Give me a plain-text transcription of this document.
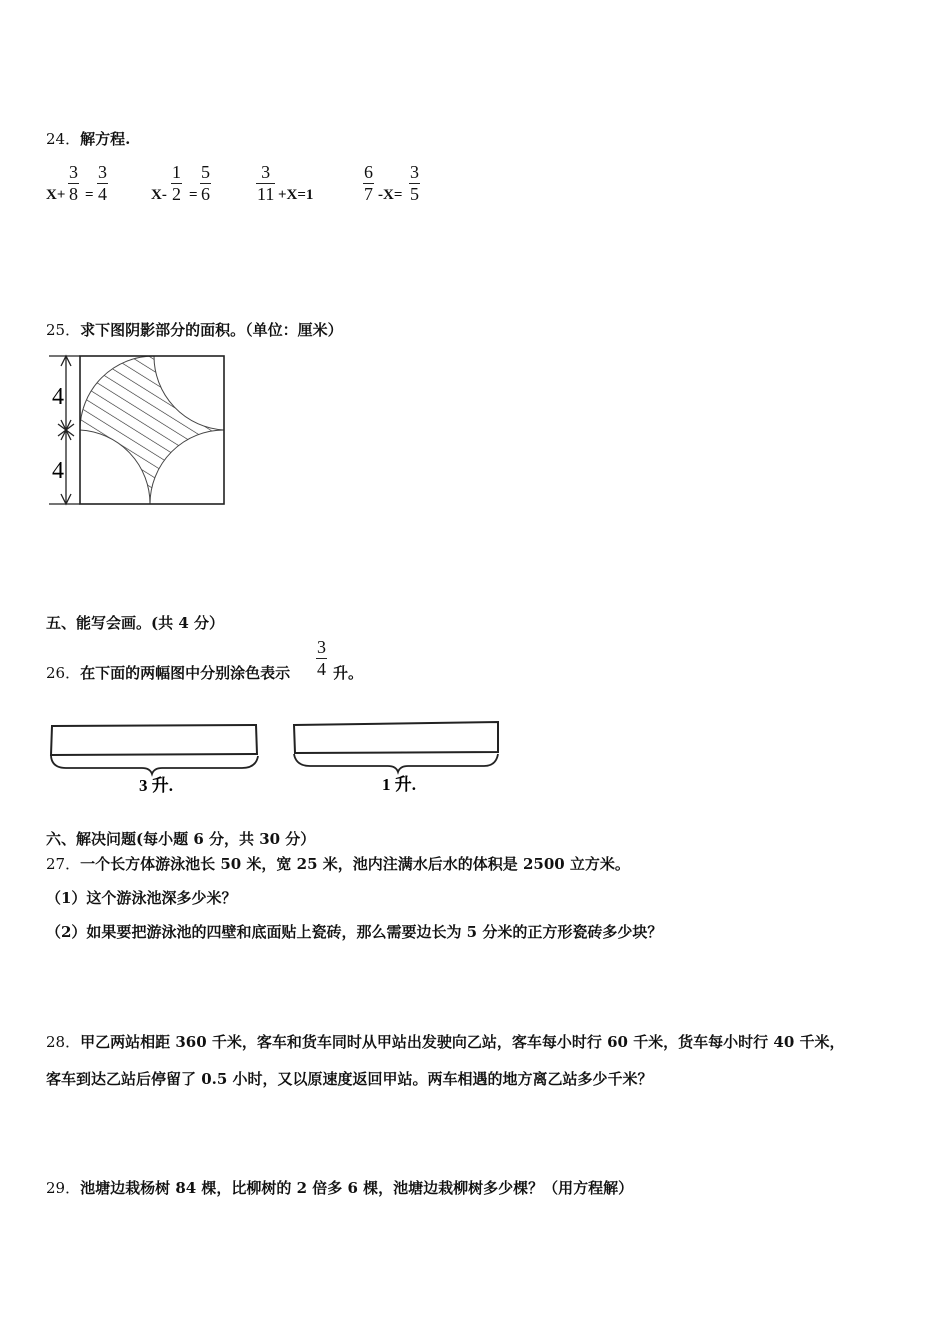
24．解方程.
X+
3
8 =
3
4	X-
1
2 =
5
6
3
11 +X=1
6
7 -X=
3
5
25．求下图阴影部分的面积。（单位：厘米）
4
4
五、能写会画。(共 4 分）
26．在下面的两幅图中分别涂色表示
3
4 升。
3 升.	1 升.
六、解决问题(每小题 6 分，共 30 分）
27．一个长方体游泳池长 50 米，宽 25 米，池内注满水后水的体积是 2500 立方米。
（1）这个游泳池深多少米？
（2）如果要把游泳池的四壁和底面贴上瓷砖，那么需要边长为 5 分米的正方形瓷砖多少块？
28．甲乙两站相距 360 千米，客车和货车同时从甲站出发驶向乙站，客车每小时行 60 千米，货车每小时行 40 千米，
客车到达乙站后停留了 0.5 小时，又以原速度返回甲站。两车相遇的地方离乙站多少千米？
29．池塘边栽杨树 84 棵，比柳树的 2 倍多 6 棵，池塘边栽柳树多少棵？（用方程解）
